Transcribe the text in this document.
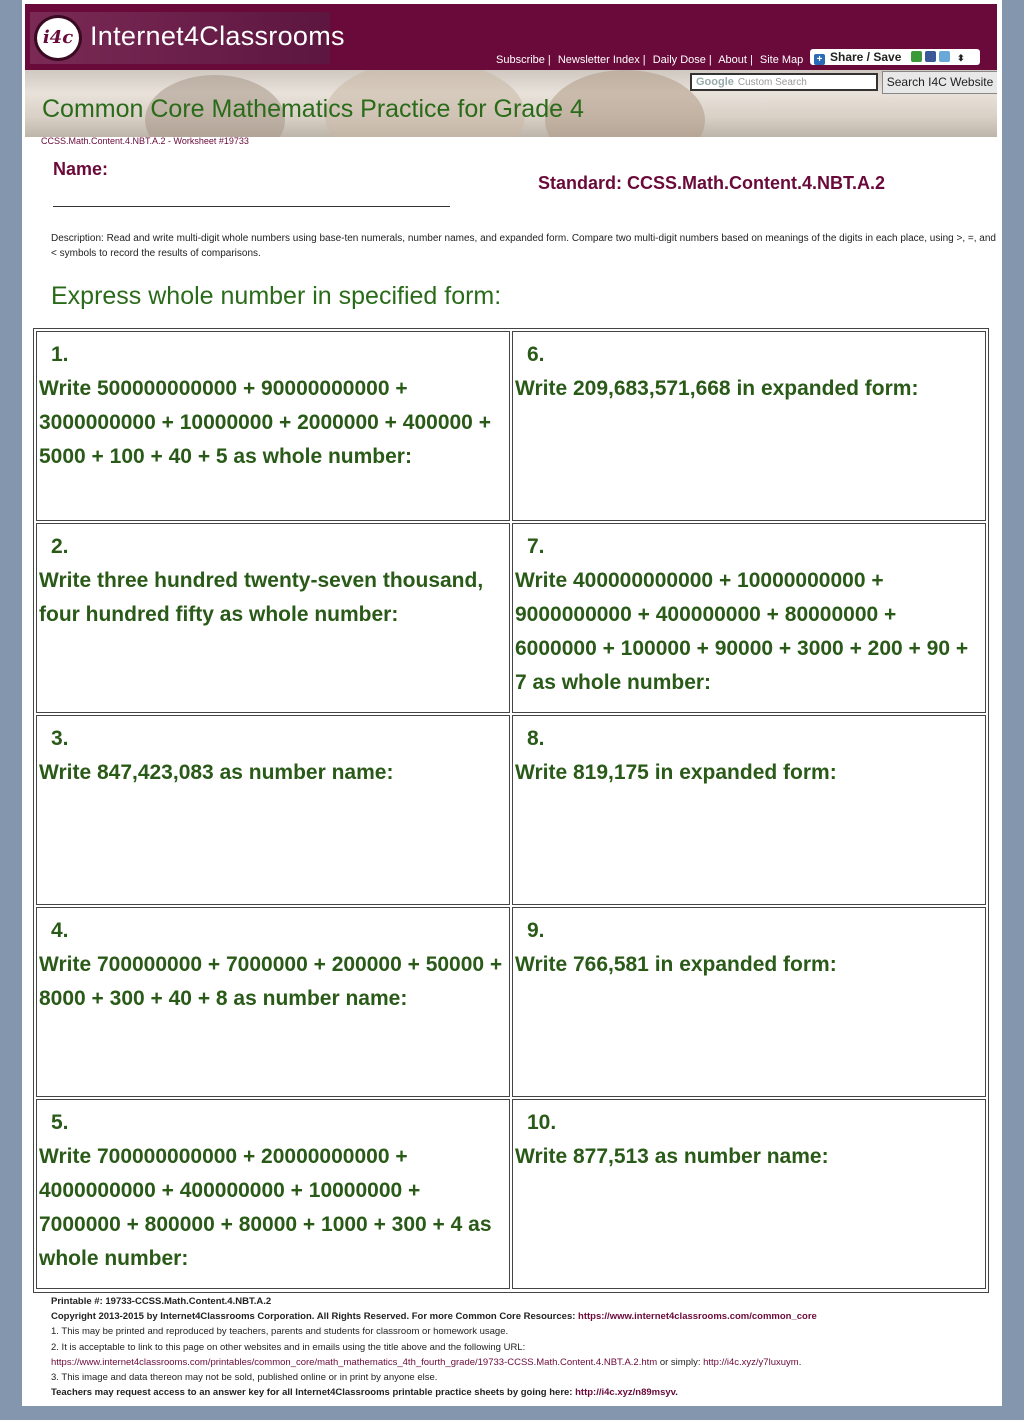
i4c Internet4Classrooms
Subscribe | Newsletter Index | Daily Dose | About | Site Map	+ Share / Save	⬍
Common Core Mathematics Practice for Grade 4
Google Custom Search	Search I4C Website
CCSS.Math.Content.4.NBT.A.2 - Worksheet #19733
Name:
Standard: CCSS.Math.Content.4.NBT.A.2
Description: Read and write multi-digit whole numbers using base-ten numerals, number names, and expanded form. Compare two multi-digit numbers based on meanings of the digits in each place, using >, =, and < symbols to record the results of comparisons.
Express whole number in specified form:
1.
Write 500000000000 + 90000000000 + 3000000000 + 10000000 + 2000000 + 400000 + 5000 + 100 + 40 + 5 as whole number:
6.
Write 209,683,571,668 in expanded form:
2.
Write three hundred twenty-seven thousand, four hundred fifty as whole number:
7.
Write 400000000000 + 10000000000 + 9000000000 + 400000000 + 80000000 + 6000000 + 100000 + 90000 + 3000 + 200 + 90 + 7 as whole number:
3.
Write 847,423,083 as number name:
8.
Write 819,175 in expanded form:
4.
Write 700000000 + 7000000 + 200000 + 50000 + 8000 + 300 + 40 + 8 as number name:
9.
Write 766,581 in expanded form:
5.
Write 700000000000 + 20000000000 + 4000000000 + 400000000 + 10000000 + 7000000 + 800000 + 80000 + 1000 + 300 + 4 as whole number:
10.
Write 877,513 as number name:
Printable #: 19733-CCSS.Math.Content.4.NBT.A.2
Copyright 2013-2015 by Internet4Classrooms Corporation. All Rights Reserved. For more Common Core Resources: https://www.internet4classrooms.com/common_core
1. This may be printed and reproduced by teachers, parents and students for classroom or homework usage.
2. It is acceptable to link to this page on other websites and in emails using the title above and the following URL:
https://www.internet4classrooms.com/printables/common_core/math_mathematics_4th_fourth_grade/19733-CCSS.Math.Content.4.NBT.A.2.htm or simply: http://i4c.xyz/y7luxuym.
3. This image and data thereon may not be sold, published online or in print by anyone else.
Teachers may request access to an answer key for all Internet4Classrooms printable practice sheets by going here: http://i4c.xyz/n89msyv.
